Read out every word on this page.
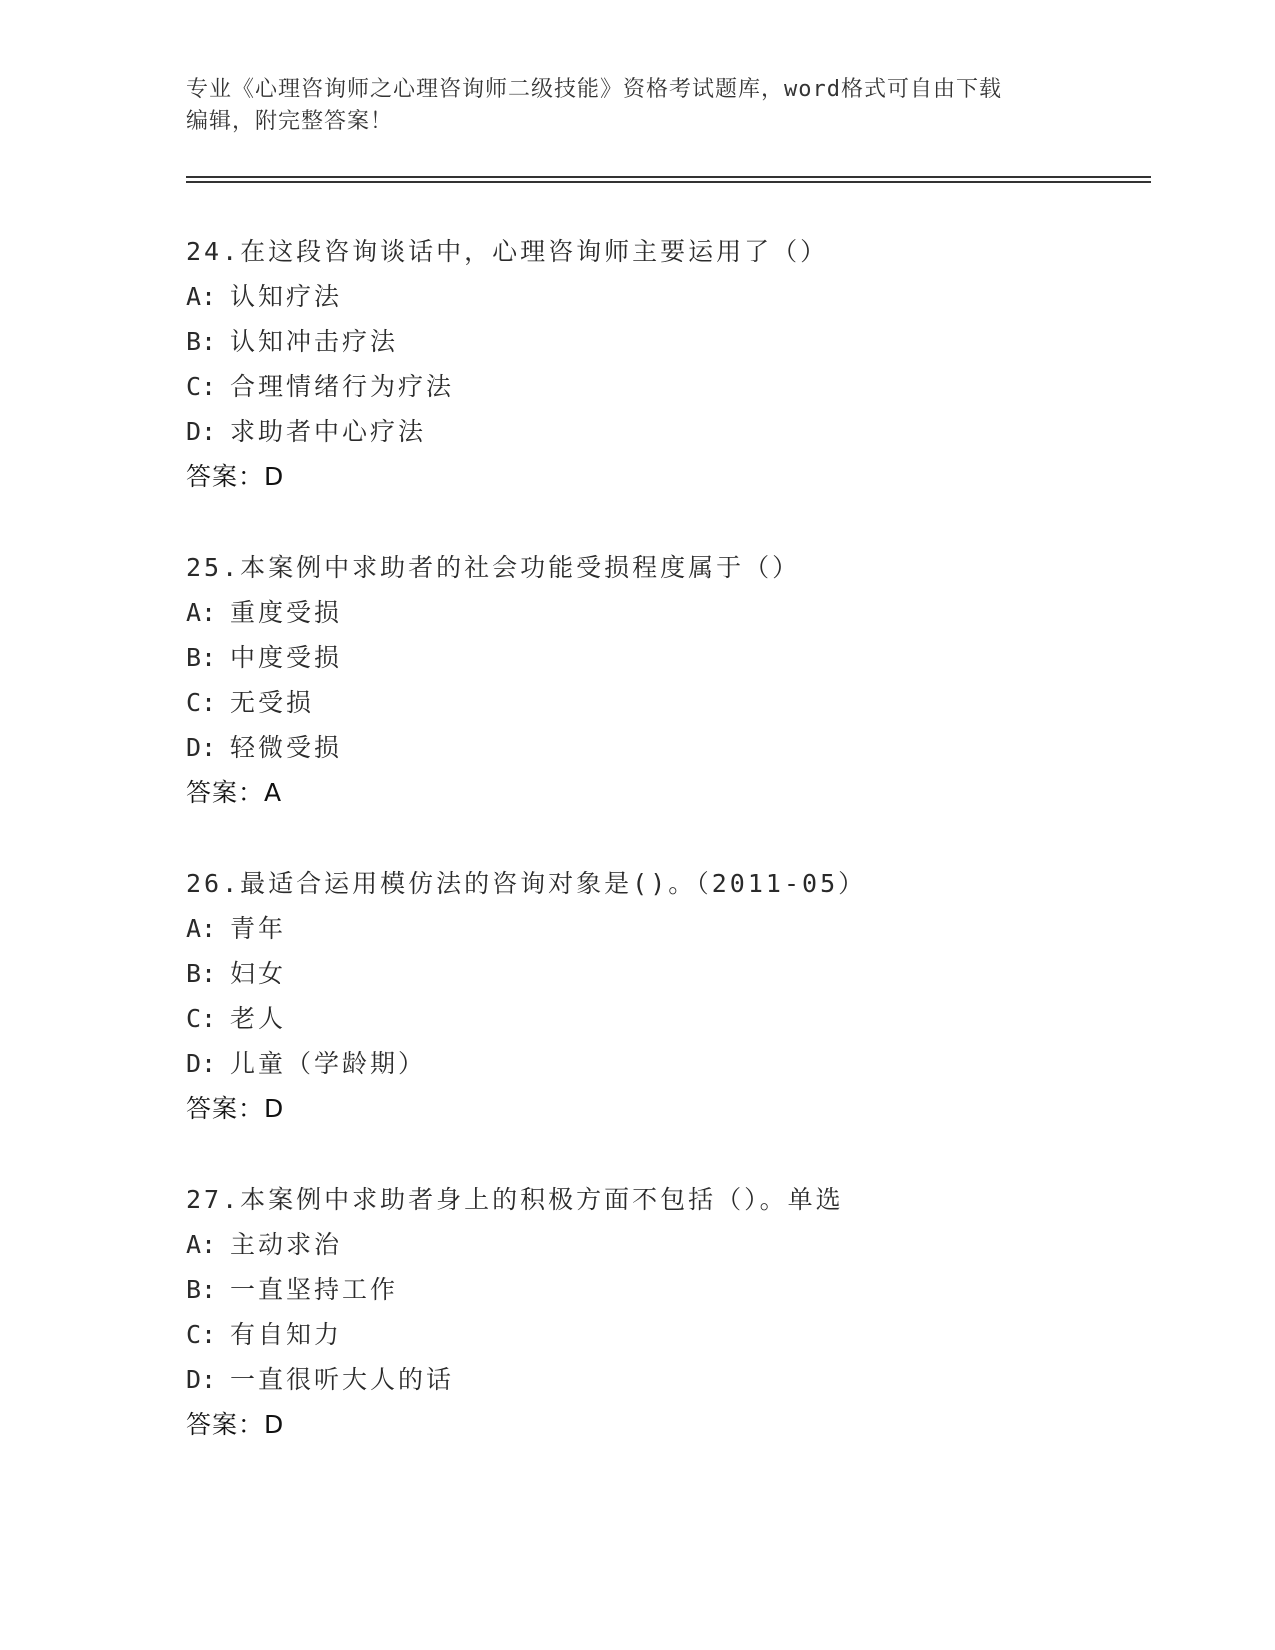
专业《心理咨询师之心理咨询师二级技能》资格考试题库，word格式可自由下载
编辑，附完整答案！
24.在这段咨询谈话中，心理咨询师主要运用了（）
A: 认知疗法
B: 认知冲击疗法
C: 合理情绪行为疗法
D: 求助者中心疗法
答案：D
25.本案例中求助者的社会功能受损程度属于（）
A: 重度受损
B: 中度受损
C: 无受损
D: 轻微受损
答案：A
26.最适合运用模仿法的咨询对象是()。（2011-05）
A: 青年
B: 妇女
C: 老人
D: 儿童（学龄期）
答案：D
27.本案例中求助者身上的积极方面不包括（）。单选
A: 主动求治
B: 一直坚持工作
C: 有自知力
D: 一直很听大人的话
答案：D
